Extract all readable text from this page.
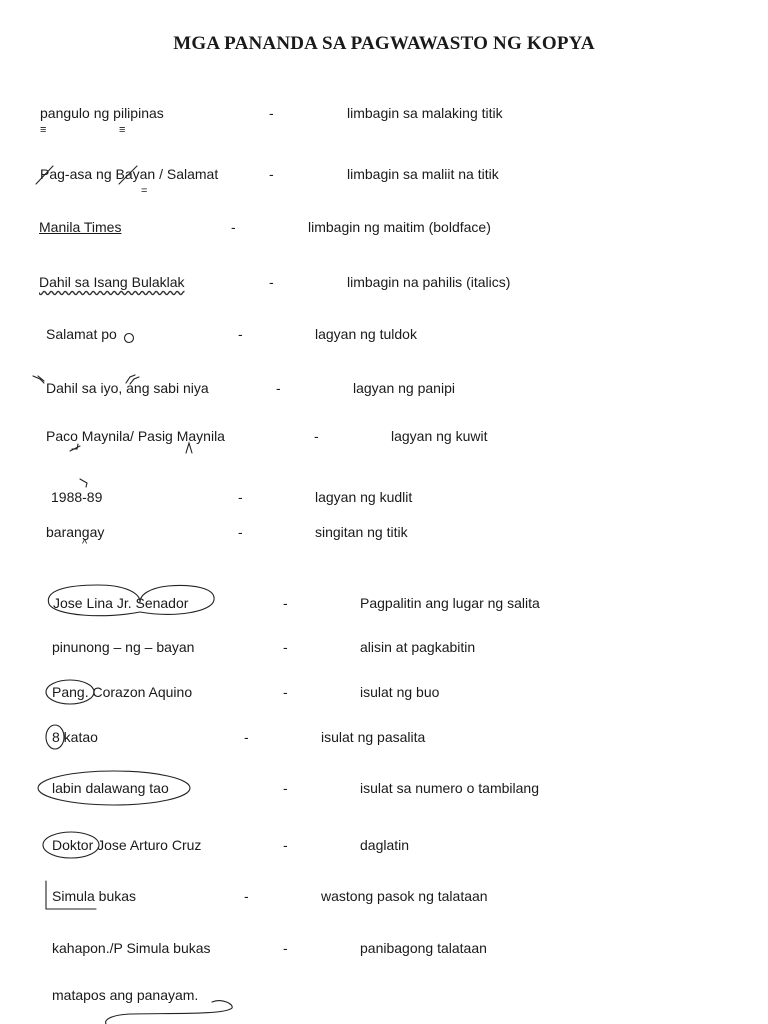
MGA PANANDA SA PAGWAWASTO NG KOPYA
pangulo ng pilipinas	-	limbagin sa malaking titik
≡	≡
Pag-asa ng Bayan / Salamat	-	limbagin sa maliit na titik
=
Manila Times	-	limbagin ng maitim (boldface)
Dahil sa Isang Bulaklak	-	limbagin na pahilis (italics)
Salamat po	-	lagyan ng tuldok
Dahil sa iyo, ang sabi niya	-	lagyan ng panipi
Paco Maynila/ Pasig Maynila	-	lagyan ng kuwit
1988-89	-	lagyan ng kudlit
barangay	-	singitan ng titik
^
Jose Lina Jr. Senador	-	Pagpalitin ang lugar ng salita
pinunong – ng – bayan	-	alisin at pagkabitin
Pang. Corazon Aquino	-	isulat ng buo
8 katao	-	isulat ng pasalita
labin dalawang tao	-	isulat sa numero o tambilang
Doktor Jose Arturo Cruz	-	daglatin
Simula bukas	-	wastong pasok ng talataan
kahapon./P Simula bukas	-	panibagong talataan
matapos ang panayam.
